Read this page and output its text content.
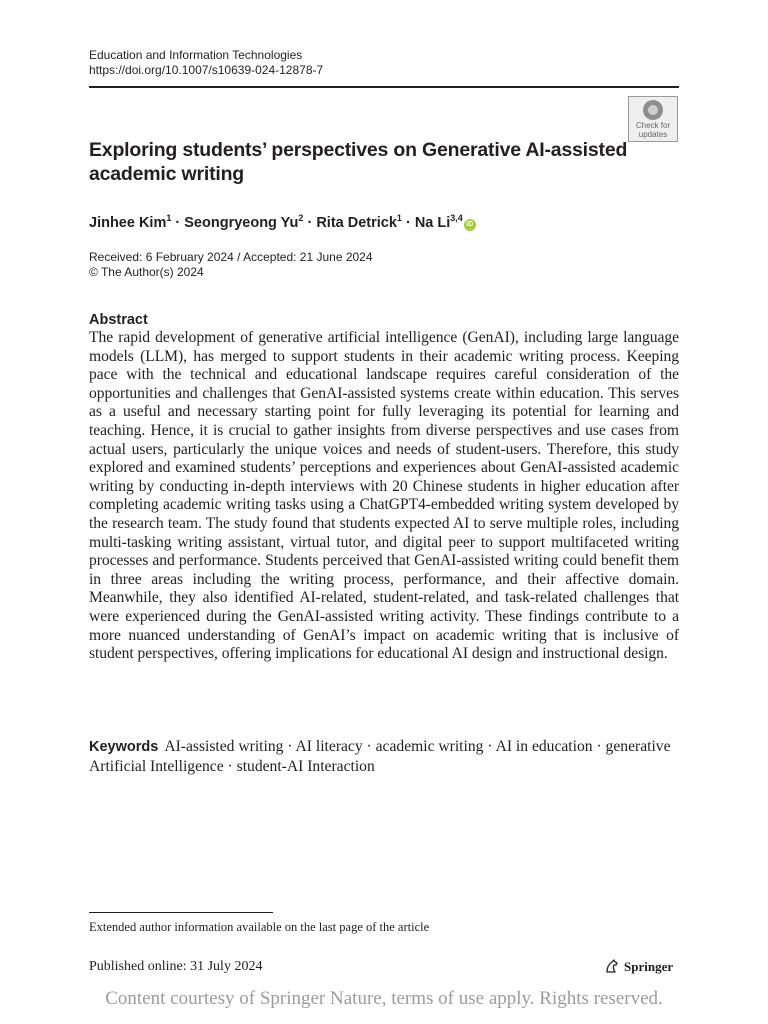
Education and Information Technologies
https://doi.org/10.1007/s10639-024-12878-7
Check for
updates
Exploring students’ perspectives on Generative AI-assisted academic writing
Jinhee Kim$^1$ · Seongryeong $Yu^2$ · Rita Detrick$^1$ · Na Li$^{3,4}$iD
Received: 6 February 2024 / Accepted: 21 June 2024
© The Author(s) 2024
Abstract

The rapid development of generative artificial intelligence (GenAI), including large language models (LLM), has merged to support students in their academic writing process. Keeping pace with the technical and educational landscape requires careful consideration of the opportunities and challenges that GenAI-assisted systems create within education. This serves as a useful and necessary starting point for fully leveraging its potential for learning and teaching. Hence, it is crucial to gather insights from diverse perspectives and use cases from actual users, particularly the unique voices and needs of student-users. Therefore, this study explored and examined students’ perceptions and experiences about GenAI-assisted academic writing by conducting in-depth interviews with 20 Chinese students in higher education after completing academic writing tasks using a ChatGPT4-embedded writing system developed by the research team. The study found that students expected AI to serve multiple roles, including multi-tasking writing assistant, virtual tutor, and digital peer to support multifaceted writing processes and performance. Students perceived that GenAI-assisted writing could benefit them in three areas including the writing process, performance, and their affective domain. Meanwhile, they also identified AI-related, student-related, and task-related challenges that were experienced during the GenAI-assisted writing activity. These findings contribute to a more nuanced understanding of GenAI’s impact on academic writing that is inclusive of student perspectives, offering implications for educational AI design and instructional design.

Keywords AI-assisted writing · AI literacy · academic writing · AI in education · generative Artificial Intelligence · student-AI Interaction
Extended author information available on the last page of the article
Published online: 31 July 2024	Springer
Content courtesy of Springer Nature, terms of use apply. Rights reserved.
